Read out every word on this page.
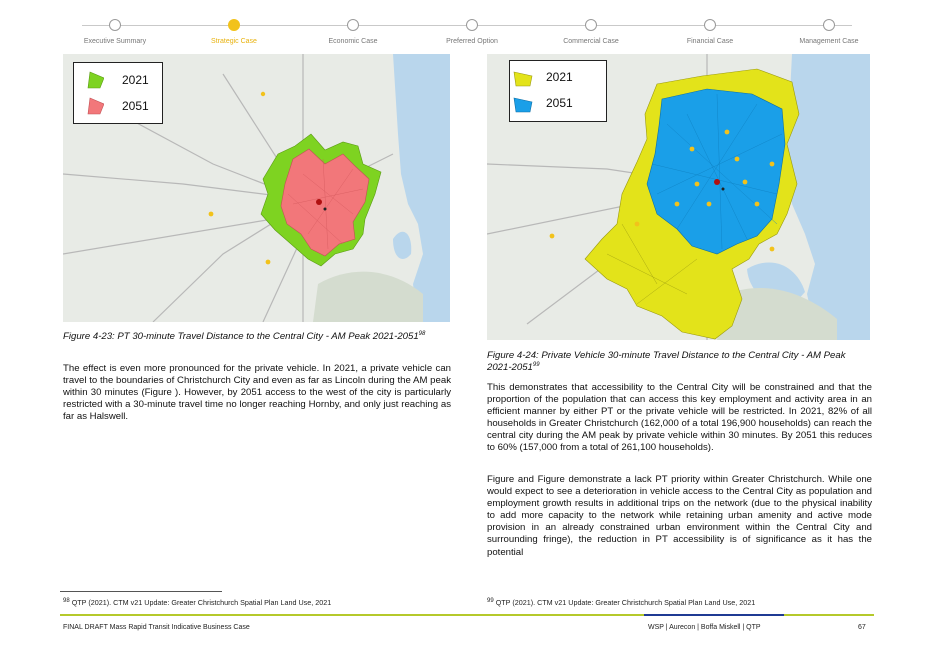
Executive Summary	Strategic Case	Economic Case	Preferred Option	Commercial Case	Financial Case	Management Case
2021
2051
2021
2051
Figure 4-23: PT 30-minute Travel Distance to the Central City - AM Peak 2021-2051$^{98}$

The effect is even more pronounced for the private vehicle. In 2021, a private vehicle can travel to the boundaries of Christchurch City and even as far as Lincoln during the AM peak within 30 minutes (Figure ). However, by 2051 access to the west of the city is particularly restricted with a 30-minute travel time no longer reaching Hornby, and only just reaching as far as Halswell.

Figure 4-24: Private Vehicle 30-minute Travel Distance to the Central City - AM Peak 2021-2051$^{99}$

This demonstrates that accessibility to the Central City will be constrained and that the proportion of the population that can access this key employment and activity area in an efficient manner by either PT or the private vehicle will be restricted. In 2021, 82% of all households in Greater Christchurch (162,000 of a total 196,900 households) can reach the central city during the AM peak by private vehicle within 30 minutes. By 2051 this reduces to 60% (157,000 from a total of 261,100 households).

Figure and Figure demonstrate a lack PT priority within Greater Christchurch. While one would expect to see a deterioration in vehicle access to the Central City as population and employment growth results in additional trips on the network (due to the physical inability to add more capacity to the network while retaining urban amenity and active mode provision in an already constrained urban environment within the Central City and surrounding fringe), the reduction in PT accessibility is of significance as it has the potential

$^{98}$ QTP (2021). CTM v21 Update: Greater Christchurch Spatial Plan Land Use, 2021	$^{99}$ QTP (2021). CTM v21 Update: Greater Christchurch Spatial Plan Land Use, 2021
FINAL DRAFT Mass Rapid Transit Indicative Business Case	WSP | Aurecon | Boffa Miskell | QTP	67
